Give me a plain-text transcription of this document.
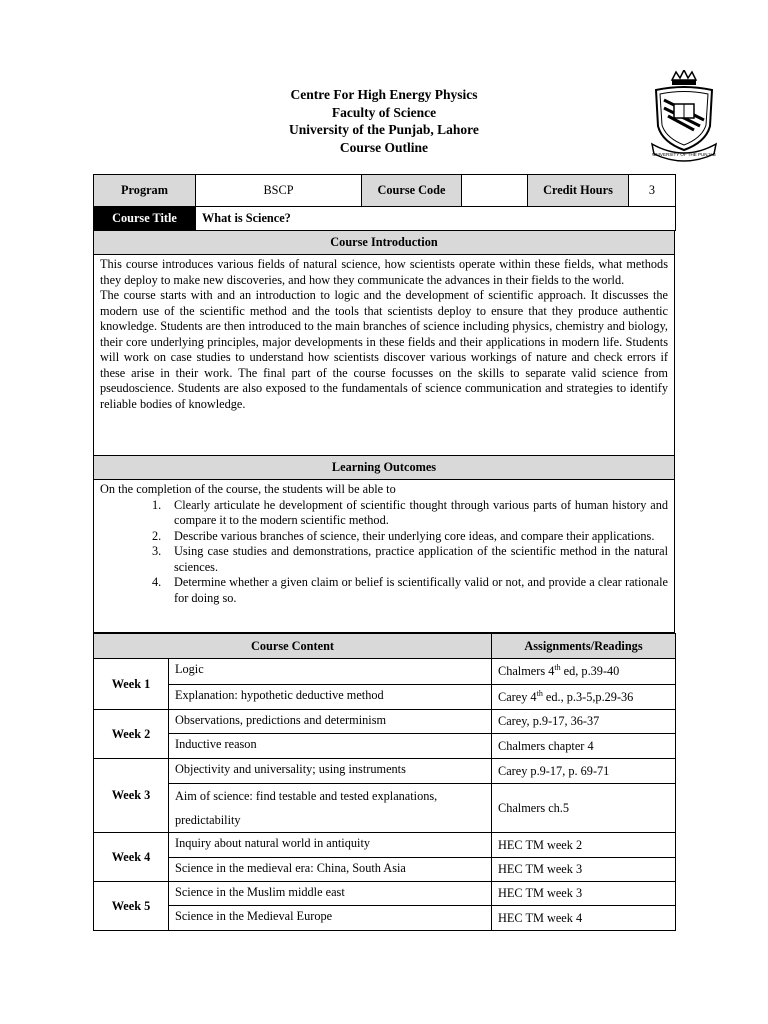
Centre For High Energy Physics
Faculty of Science
University of the Punjab, Lahore
Course Outline	UNIVERSITY OF THE PUNJAB
Program	BSCP	Course Code		Credit Hours	3
Course Title	What is Science?				
Course Introduction

This course introduces various fields of natural science, how scientists operate within these fields, what methods they deploy to make new discoveries, and how they communicate the advances in their fields to the world.
The course starts with and an introduction to logic and the development of scientific approach. It discusses the modern use of the scientific method and the tools that scientists deploy to ensure that they produce authentic knowledge. Students are then introduced to the main branches of science including physics, chemistry and biology, their core underlying principles, major developments in these fields and their applications in modern life. Students will work on case studies to understand how scientists discover various workings of nature and check errors if these arise in their work. The final part of the course focusses on the skills to separate valid science from pseudoscience. Students are also exposed to the fundamentals of science communication and strategies to identify reliable bodies of knowledge.

Learning Outcomes

On the completion of the course, the students will be able to
1.	Clearly articulate he development of scientific thought through various parts of human history and compare it to the modern scientific method.
2.	Describe various branches of science, their underlying core ideas, and compare their applications.
3.	Using case studies and demonstrations, practice application of the scientific method in the natural sciences.
4.	Determine whether a given claim or belief is scientifically valid or not, and provide a clear rationale for doing so.
Course Content		Assignments/Readings
Week 1	Logic	Chalmers 4th ed, p.39-40
	Explanation: hypothetic deductive method	Carey 4th ed., p.3-5,p.29-36
Week 2	Observations, predictions and determinism	Carey, p.9-17, 36-37
	Inductive reason	Chalmers chapter 4
Week 3	Objectivity and universality; using instruments	Carey p.9-17, p. 69-71
	Aim of science: find testable and tested explanations, predictability	Chalmers ch.5
Week 4	Inquiry about natural world in antiquity	HEC TM week 2
	Science in the medieval era: China, South Asia	HEC TM week 3
Week 5	Science in the Muslim middle east	HEC TM week 3
	Science in the Medieval Europe	HEC TM week 4
